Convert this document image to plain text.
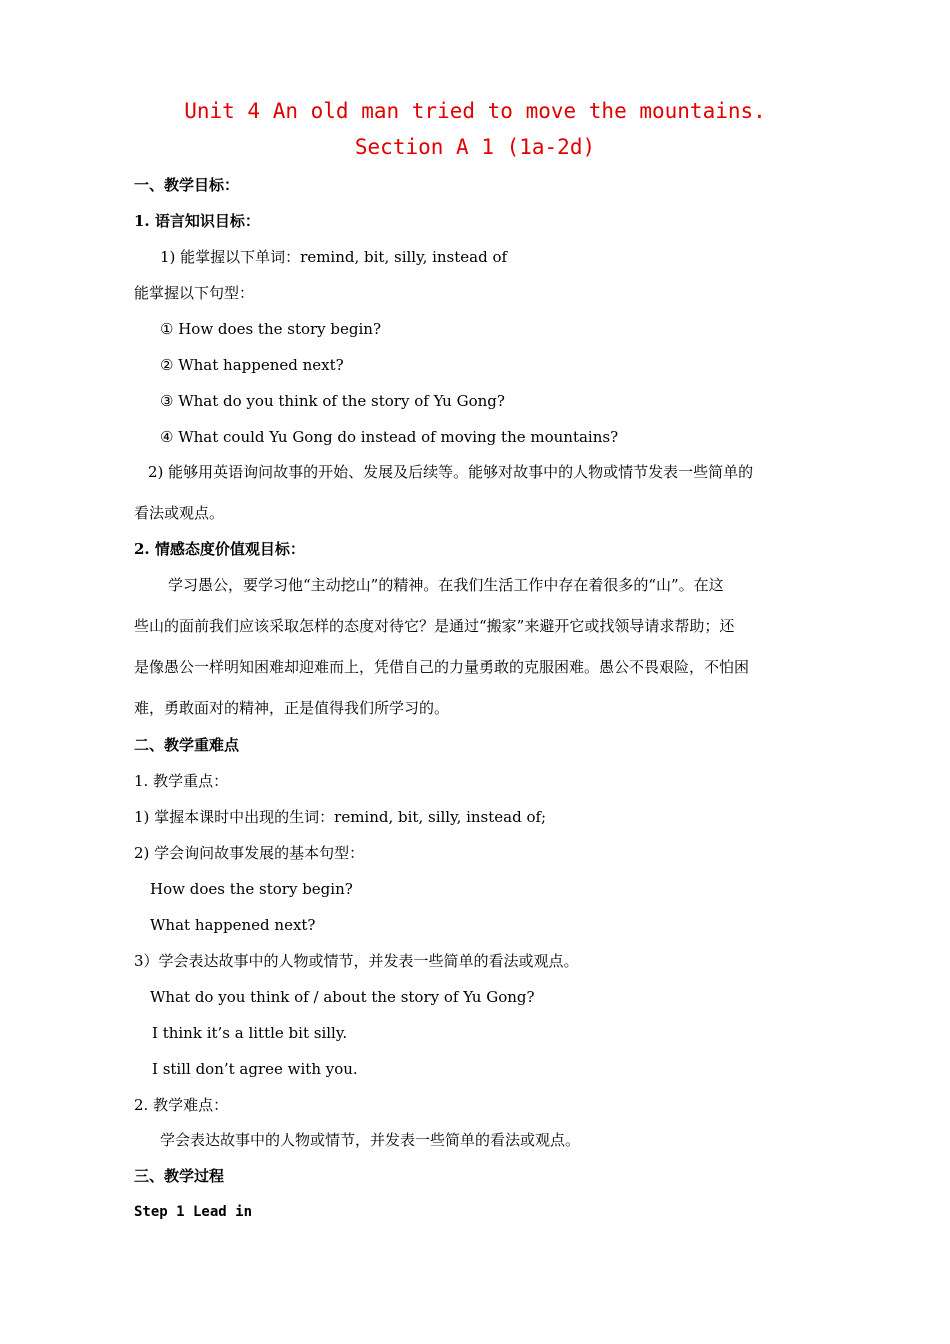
Unit 4 An old man tried to move the mountains.
Section A 1 (1a-2d)
一、教学目标：
1. 语言知识目标：
1) 能掌握以下单词：remind, bit, silly, instead of
能掌握以下句型：
① How does the story begin?
② What happened next?
③ What do you think of the story of Yu Gong?
④ What could Yu Gong do instead of moving the mountains?
2) 能够用英语询问故事的开始、发展及后续等。能够对故事中的人物或情节发表一些简单的
看法或观点。
2. 情感态度价值观目标：
学习愚公，要学习他“主动挖山”的精神。在我们生活工作中存在着很多的“山”。在这
些山的面前我们应该采取怎样的态度对待它？是通过“搬家”来避开它或找领导请求帮助；还
是像愚公一样明知困难却迎难而上，凭借自己的力量勇敢的克服困难。愚公不畏艰险，不怕困
难，勇敢面对的精神，正是值得我们所学习的。
二、教学重难点
1. 教学重点：
1) 掌握本课时中出现的生词：remind, bit, silly, instead of;
2) 学会询问故事发展的基本句型：
How does the story begin?
What happened next?
3）学会表达故事中的人物或情节，并发表一些简单的看法或观点。
What do you think of / about the story of Yu Gong?
I think it’s a little bit silly.
I still don’t agree with you.
2. 教学难点：
学会表达故事中的人物或情节，并发表一些简单的看法或观点。
三、教学过程
Step 1 Lead in
